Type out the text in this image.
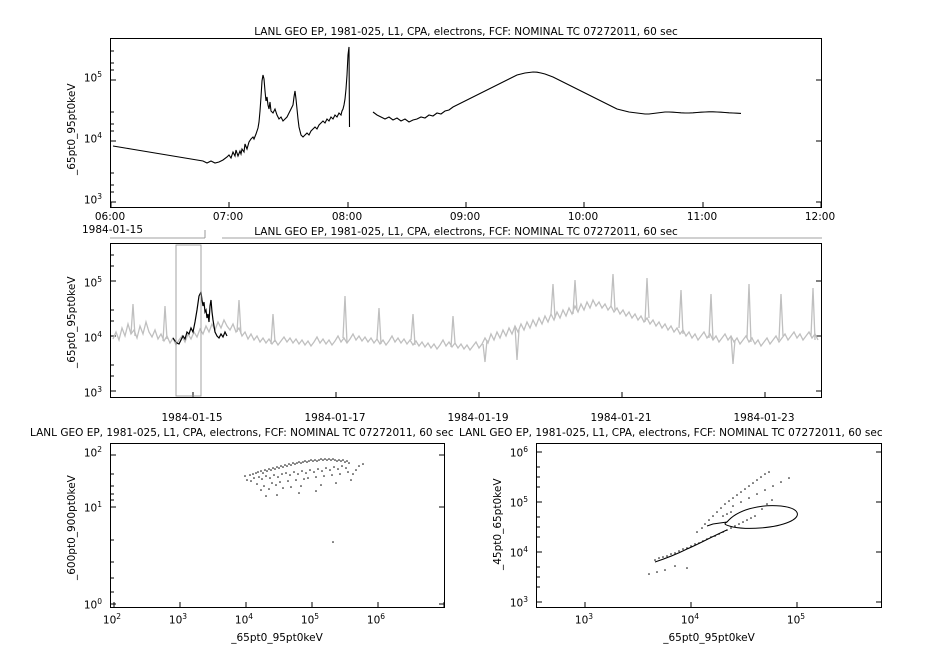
LANL GEO EP, 1981-025, L1, CPA, electrons, FCF: NOMINAL TC 07272011, 60 sec
_65pt0_95pt0keV
$10^5$
$10^4$
$10^3$
06:00	07:00	08:00	09:00	10:00	11:00	12:00
1984-01-15	LANL GEO EP, 1981-025, L1, CPA, electrons, FCF: NOMINAL TC 07272011, 60 sec
_65pt0_95pt0keV $10^5$
$10^4$
$10^3$
1984-01-15	1984-01-17	1984-01-19	1984-01-21	1984-01-23
LANL GEO EP, 1981-025, L1, CPA, electrons, FCF: NOMINAL TC 07272011, 60 sec
_600pt0_900pt0keV
$10^2$
$10^1$
$10^0$
$10^2$	$10^3$	$10^4$	$10^5$	$10^6$
_65pt0_95pt0keV
LANL GEO EP, 1981-025, L1, CPA, electrons, FCF: NOMINAL TC 07272011, 60 sec
_45pt0_65pt0keV
$10^6$
$10^5$
$10^4$
$10^3$
$10^3$	$10^4$	$10^5$
_65pt0_95pt0keV
